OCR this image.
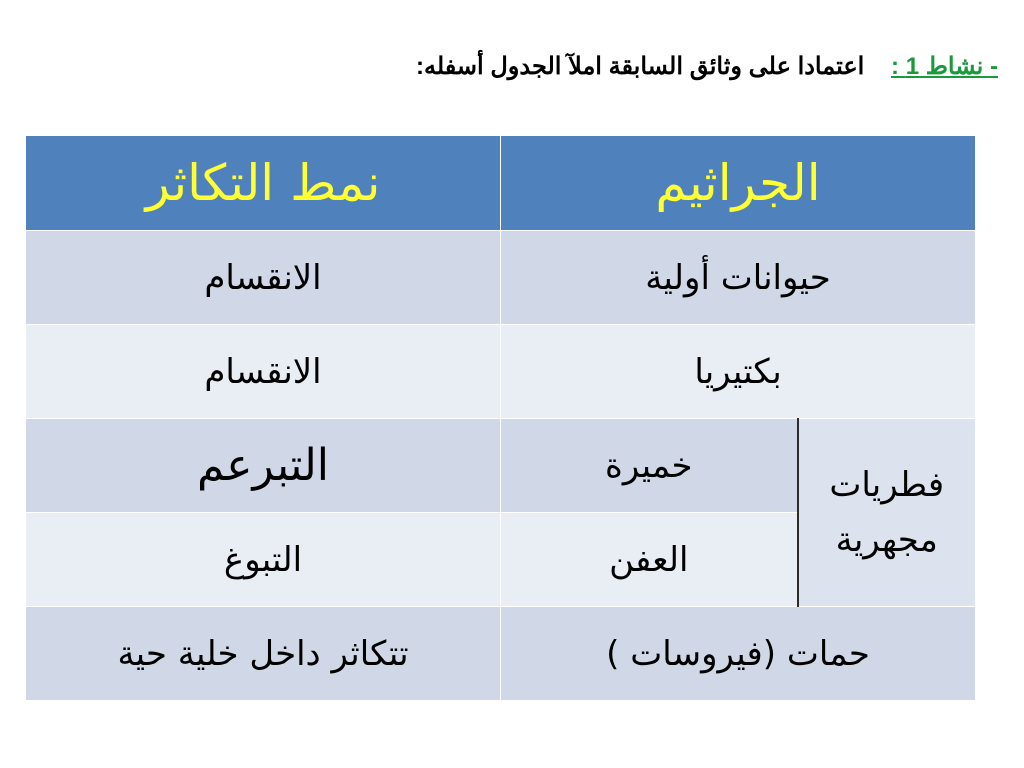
- نشاط 1 :    اعتمادا على وثائق السابقة املآ الجدول أسفله:
الجراثيم		نمط التكاثر
حيوانات أولية		الانقسام
بكتيريا		الانقسام
فطريات مجهرية	خميرة	التبرعم
	العفن	التبوغ
حمات (فيروسات )		تتكاثر داخل خلية حية
